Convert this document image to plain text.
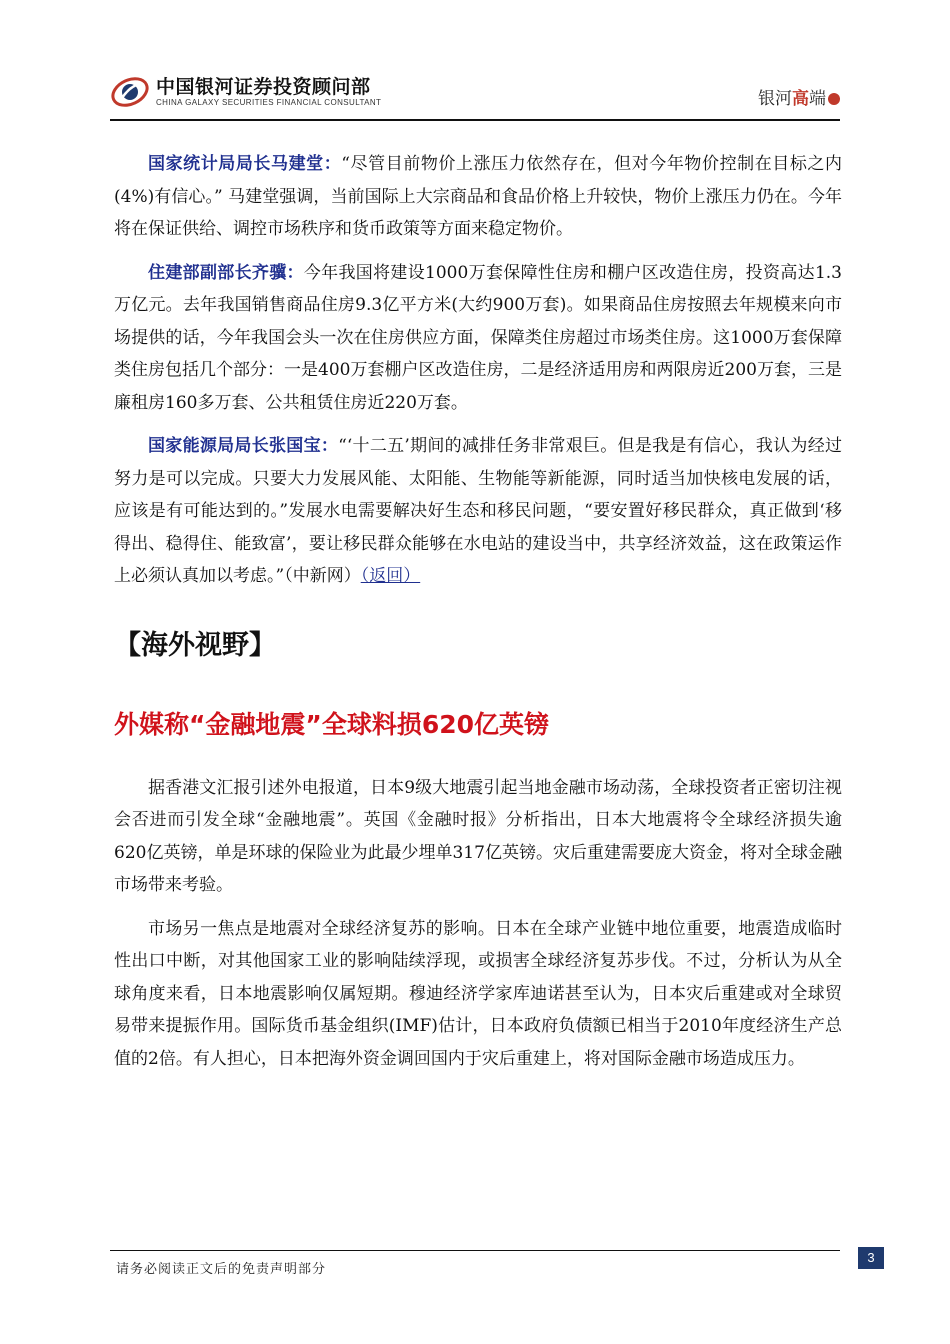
中国银河证券投资顾问部
CHINA GALAXY SECURITIES FINANCIAL CONSULTANT	银河高端

国家统计局局长马建堂：“尽管目前物价上涨压力依然存在，但对今年物价控制在目标之内(4%)有信心。” 马建堂强调，当前国际上大宗商品和食品价格上升较快，物价上涨压力仍在。今年将在保证供给、调控市场秩序和货币政策等方面来稳定物价。

住建部副部长齐骥：今年我国将建设1000万套保障性住房和棚户区改造住房，投资高达1.3万亿元。去年我国销售商品住房9.3亿平方米(大约900万套)。如果商品住房按照去年规模来向市场提供的话，今年我国会头一次在住房供应方面，保障类住房超过市场类住房。这1000万套保障类住房包括几个部分：一是400万套棚户区改造住房，二是经济适用房和两限房近200万套，三是廉租房160多万套、公共租赁住房近220万套。

国家能源局局长张国宝：“‘十二五’期间的减排任务非常艰巨。但是我是有信心，我认为经过努力是可以完成。只要大力发展风能、太阳能、生物能等新能源，同时适当加快核电发展的话，应该是有可能达到的。”发展水电需要解决好生态和移民问题，“要安置好移民群众，真正做到‘移得出、稳得住、能致富’，要让移民群众能够在水电站的建设当中，共享经济效益，这在政策运作上必须认真加以考虑。”（中新网）（返回）

【海外视野】
外媒称“金融地震”全球料损620亿英镑

据香港文汇报引述外电报道，日本9级大地震引起当地金融市场动荡，全球投资者正密切注视会否进而引发全球“金融地震”。英国《金融时报》分析指出，日本大地震将令全球经济损失逾620亿英镑，单是环球的保险业为此最少埋单317亿英镑。灾后重建需要庞大资金，将对全球金融市场带来考验。

市场另一焦点是地震对全球经济复苏的影响。日本在全球产业链中地位重要，地震造成临时性出口中断，对其他国家工业的影响陆续浮现，或损害全球经济复苏步伐。不过，分析认为从全球角度来看，日本地震影响仅属短期。穆迪经济学家库迪诺甚至认为，日本灾后重建或对全球贸易带来提振作用。国际货币基金组织(IMF)估计，日本政府负债额已相当于2010年度经济生产总值的2倍。有人担心，日本把海外资金调回国内于灾后重建上，将对国际金融市场造成压力。

请务必阅读正文后的免责声明部分
3
